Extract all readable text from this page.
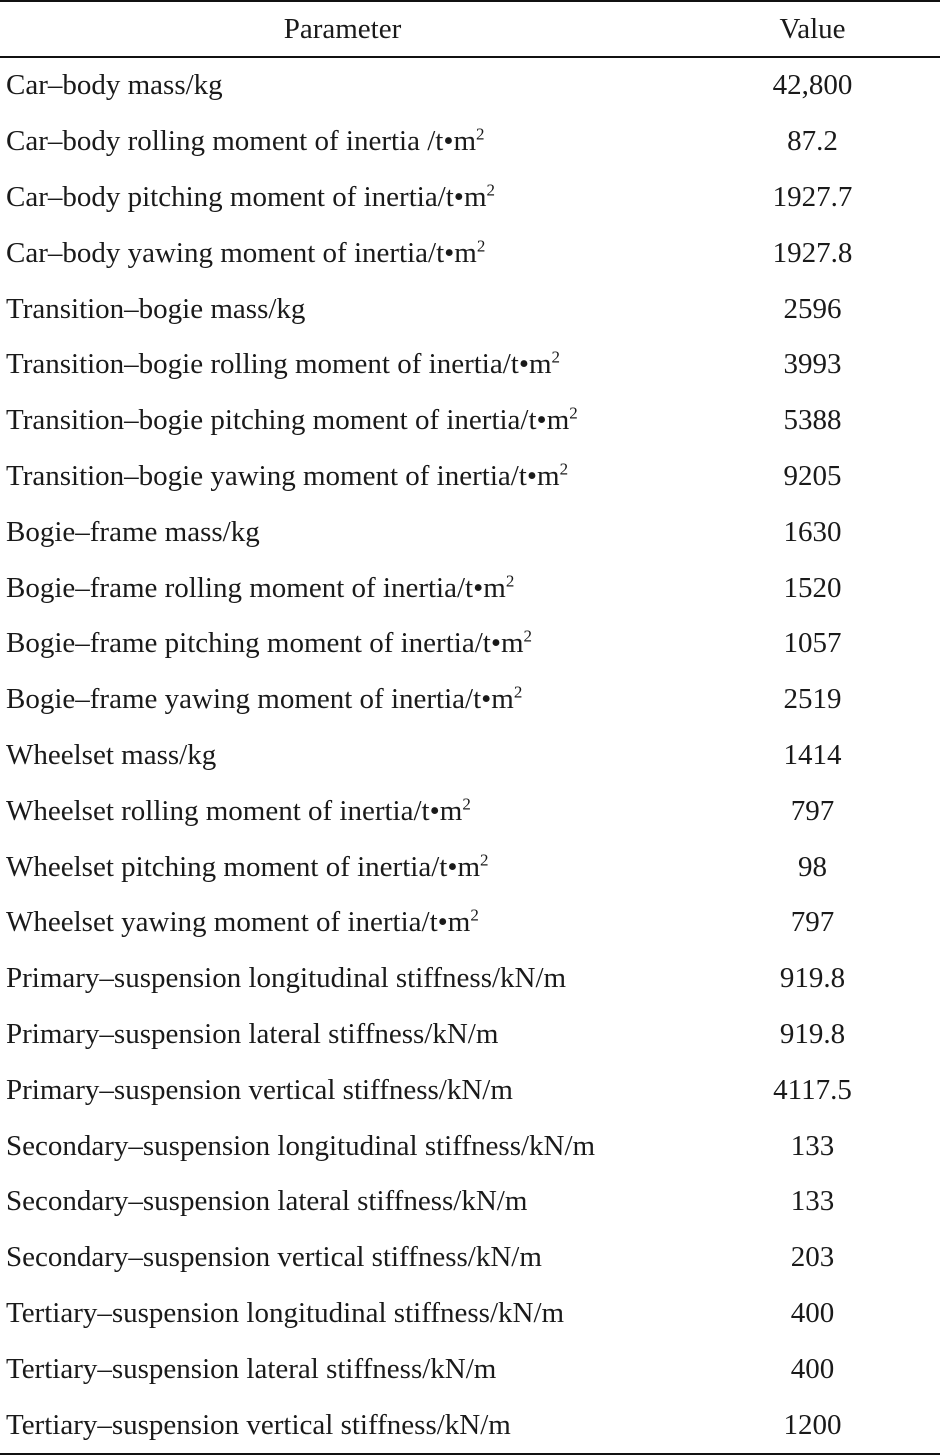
Parameter	Value
Car–body mass/kg	42,800
Car–body rolling moment of inertia $/t•m^2$	87.2
Car–body pitching moment of inertia/$t•m^2$	1927.7
Car–body yawing moment of inertia/$t•m^2$	1927.8
Transition–bogie mass/kg	2596
Transition–bogie rolling moment of inertia/$t•m^2$	3993
Transition–bogie pitching moment of inertia/$t•m^2$	5388
Transition–bogie yawing moment of inertia/$t•m^2$	9205
Bogie–frame mass/kg	1630
Bogie–frame rolling moment of inertia/$t•m^2$	1520
Bogie–frame pitching moment of inertia/$t•m^2$	1057
Bogie–frame yawing moment of inertia/$t•m^2$	2519
Wheelset mass/kg	1414
Wheelset rolling moment of inertia/$t•m^2$	797
Wheelset pitching moment of inertia/$t•m^2$	98
Wheelset yawing moment of inertia/$t•m^2$	797
Primary–suspension longitudinal stiffness/kN/m	919.8
Primary–suspension lateral stiffness/kN/m	919.8
Primary–suspension vertical stiffness/kN/m	4117.5
Secondary–suspension longitudinal stiffness/kN/m	133
Secondary–suspension lateral stiffness/kN/m	133
Secondary–suspension vertical stiffness/kN/m	203
Tertiary–suspension longitudinal stiffness/kN/m	400
Tertiary–suspension lateral stiffness/kN/m	400
Tertiary–suspension vertical stiffness/kN/m	1200
